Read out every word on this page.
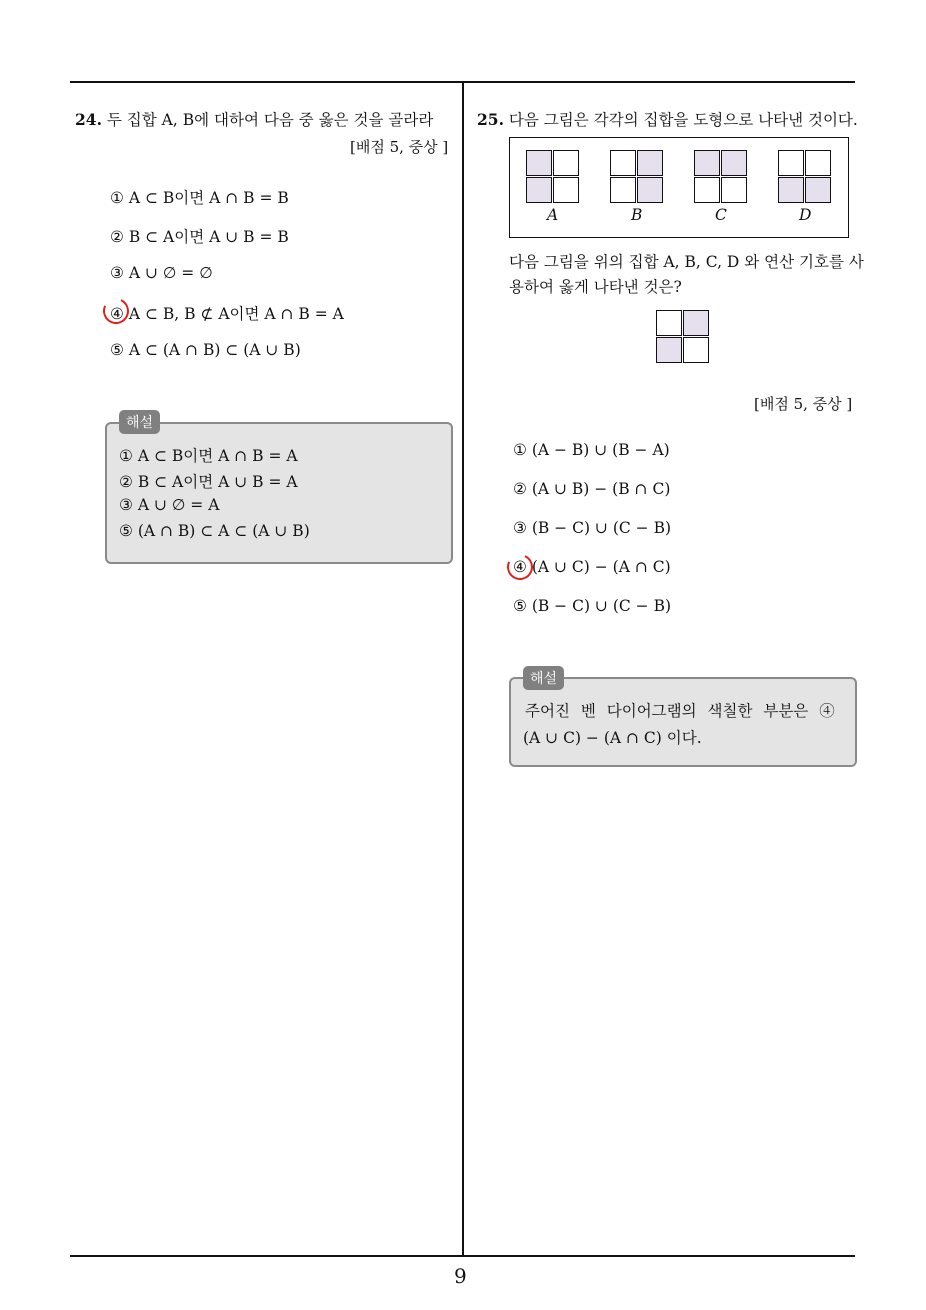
9
24. 두 집합 A, B에 대하여 다음 중 옳은 것을 골라라
[배점 5, 중상 ]
① A ⊂ B이면 A ∩ B = B
② B ⊂ A이면 A ∪ B = B
③ A ∪ ∅ = ∅
④ A ⊂ B, B ⊄ A이면 A ∩ B = A
⑤ A ⊂ (A ∩ B) ⊂ (A ∪ B)
① A ⊂ B이면 A ∩ B = A
② B ⊂ A이면 A ∪ B = A
③ A ∪ ∅ = A
⑤ (A ∩ B) ⊂ A ⊂ (A ∪ B)
해설
25. 다음 그림은 각각의 집합을 도형으로 나타낸 것이다.
A	B	C	D
다음 그림을 위의 집합 A, B, C, D 와 연산 기호를 사
용하여 옳게 나타낸 것은?
[배점 5, 중상 ]
① (A − B) ∪ (B − A)
② (A ∪ B) − (B ∩ C)
③ (B − C) ∪ (C − B)
④ (A ∪ C) − (A ∩ C)
⑤ (B − C) ∪ (C − B)
주어진 벤 다이어그램의 색칠한 부분은 ④
(A ∪ C) − (A ∩ C) 이다.
해설
